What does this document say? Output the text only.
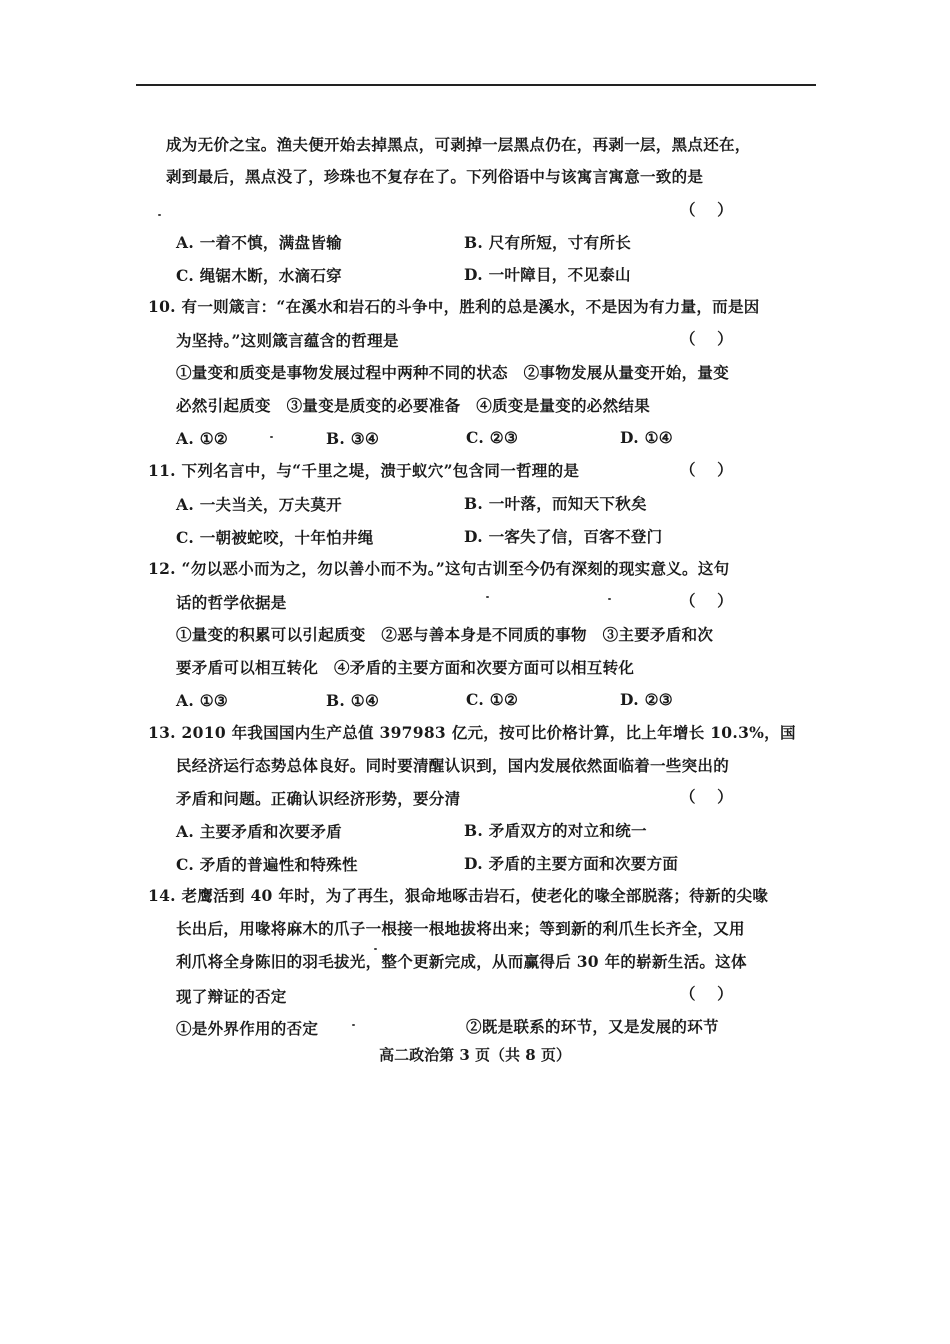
成为无价之宝。渔夫便开始去掉黑点，可剥掉一层黑点仍在，再剥一层，黑点还在，
剥到最后，黑点没了，珍珠也不复存在了。下列俗语中与该寓言寓意一致的是
（    ）
A. 一着不慎，满盘皆输	B. 尺有所短，寸有所长
C. 绳锯木断，水滴石穿	D. 一叶障目，不见泰山
10. 有一则箴言：“在溪水和岩石的斗争中，胜利的总是溪水，不是因为有力量，而是因
为坚持。”这则箴言蕴含的哲理是	（    ）
①量变和质变是事物发展过程中两种不同的状态　②事物发展从量变开始，量变
必然引起质变　③量变是质变的必要准备　④质变是量变的必然结果
A. ①②	B. ③④	C. ②③	D. ①④
11. 下列名言中，与“千里之堤，溃于蚁穴”包含同一哲理的是	（    ）
A. 一夫当关，万夫莫开	B. 一叶落，而知天下秋矣
C. 一朝被蛇咬，十年怕井绳	D. 一客失了信，百客不登门
12. “勿以恶小而为之，勿以善小而不为。”这句古训至今仍有深刻的现实意义。这句
话的哲学依据是	（    ）
①量变的积累可以引起质变　②恶与善本身是不同质的事物　③主要矛盾和次
要矛盾可以相互转化　④矛盾的主要方面和次要方面可以相互转化
A. ①③	B. ①④	C. ①②	D. ②③
13. 2010 年我国国内生产总值 397983 亿元，按可比价格计算，比上年增长 10.3%，国
民经济运行态势总体良好。同时要清醒认识到，国内发展依然面临着一些突出的
矛盾和问题。正确认识经济形势，要分清	（    ）
A. 主要矛盾和次要矛盾	B. 矛盾双方的对立和统一
C. 矛盾的普遍性和特殊性	D. 矛盾的主要方面和次要方面
14. 老鹰活到 40 年时，为了再生，狠命地啄击岩石，使老化的喙全部脱落；待新的尖喙
长出后，用喙将麻木的爪子一根接一根地拔将出来；等到新的利爪生长齐全，又用
利爪将全身陈旧的羽毛拔光，整个更新完成，从而赢得后 30 年的崭新生活。这体
现了辩证的否定	（    ）
①是外界作用的否定	②既是联系的环节，又是发展的环节
高二政治第 3 页（共 8 页）
